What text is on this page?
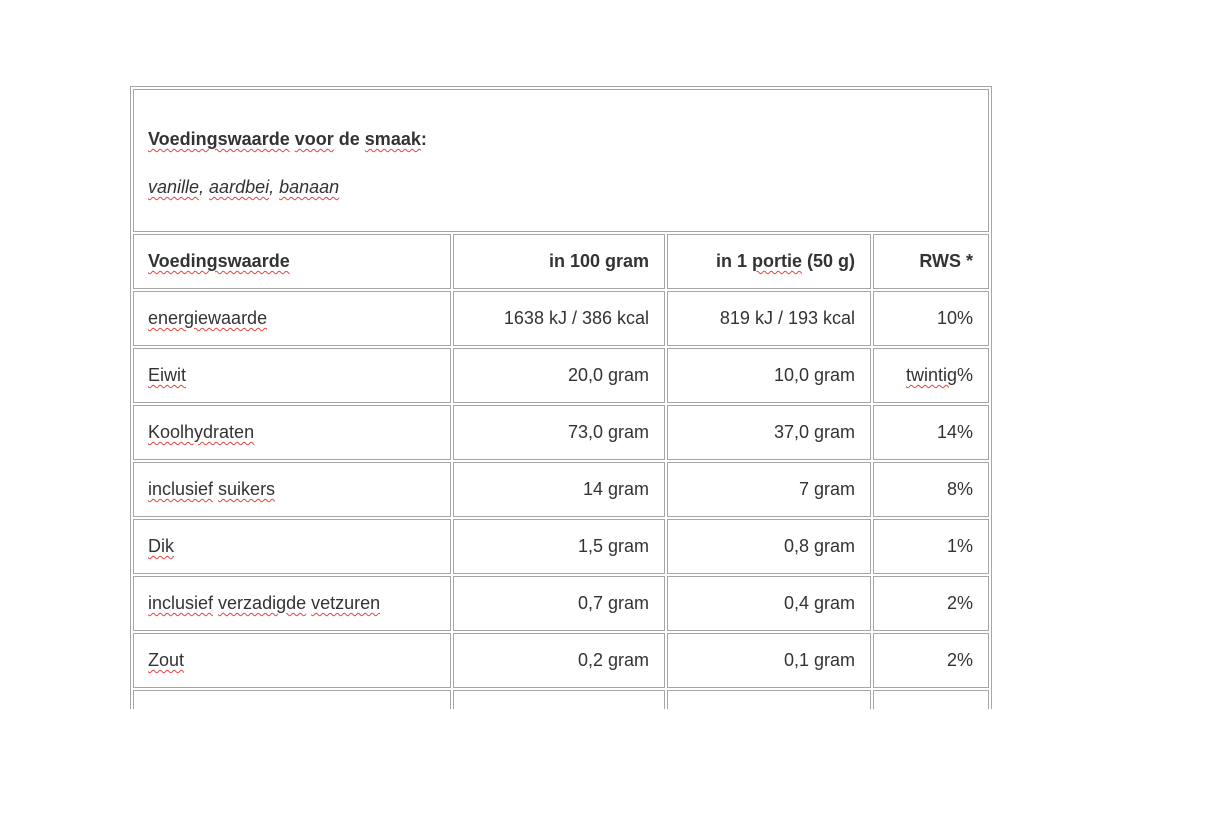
Voedingswaarde voor de smaak:

vanille, aardbei, banaan			

Voedingswaarde	in 100 gram	in 1 portie (50 g)	RWS *
energiewaarde	1638 kJ / 386 kcal	819 kJ / 193 kcal	10%
Eiwit	20,0 gram	10,0 gram	twintig%
Koolhydraten	73,0 gram	37,0 gram	14%
inclusief suikers	14 gram	7 gram	8%
Dik	1,5 gram	0,8 gram	1%
inclusief verzadigde vetzuren	0,7 gram	0,4 gram	2%
Zout	0,2 gram	0,1 gram	2%
